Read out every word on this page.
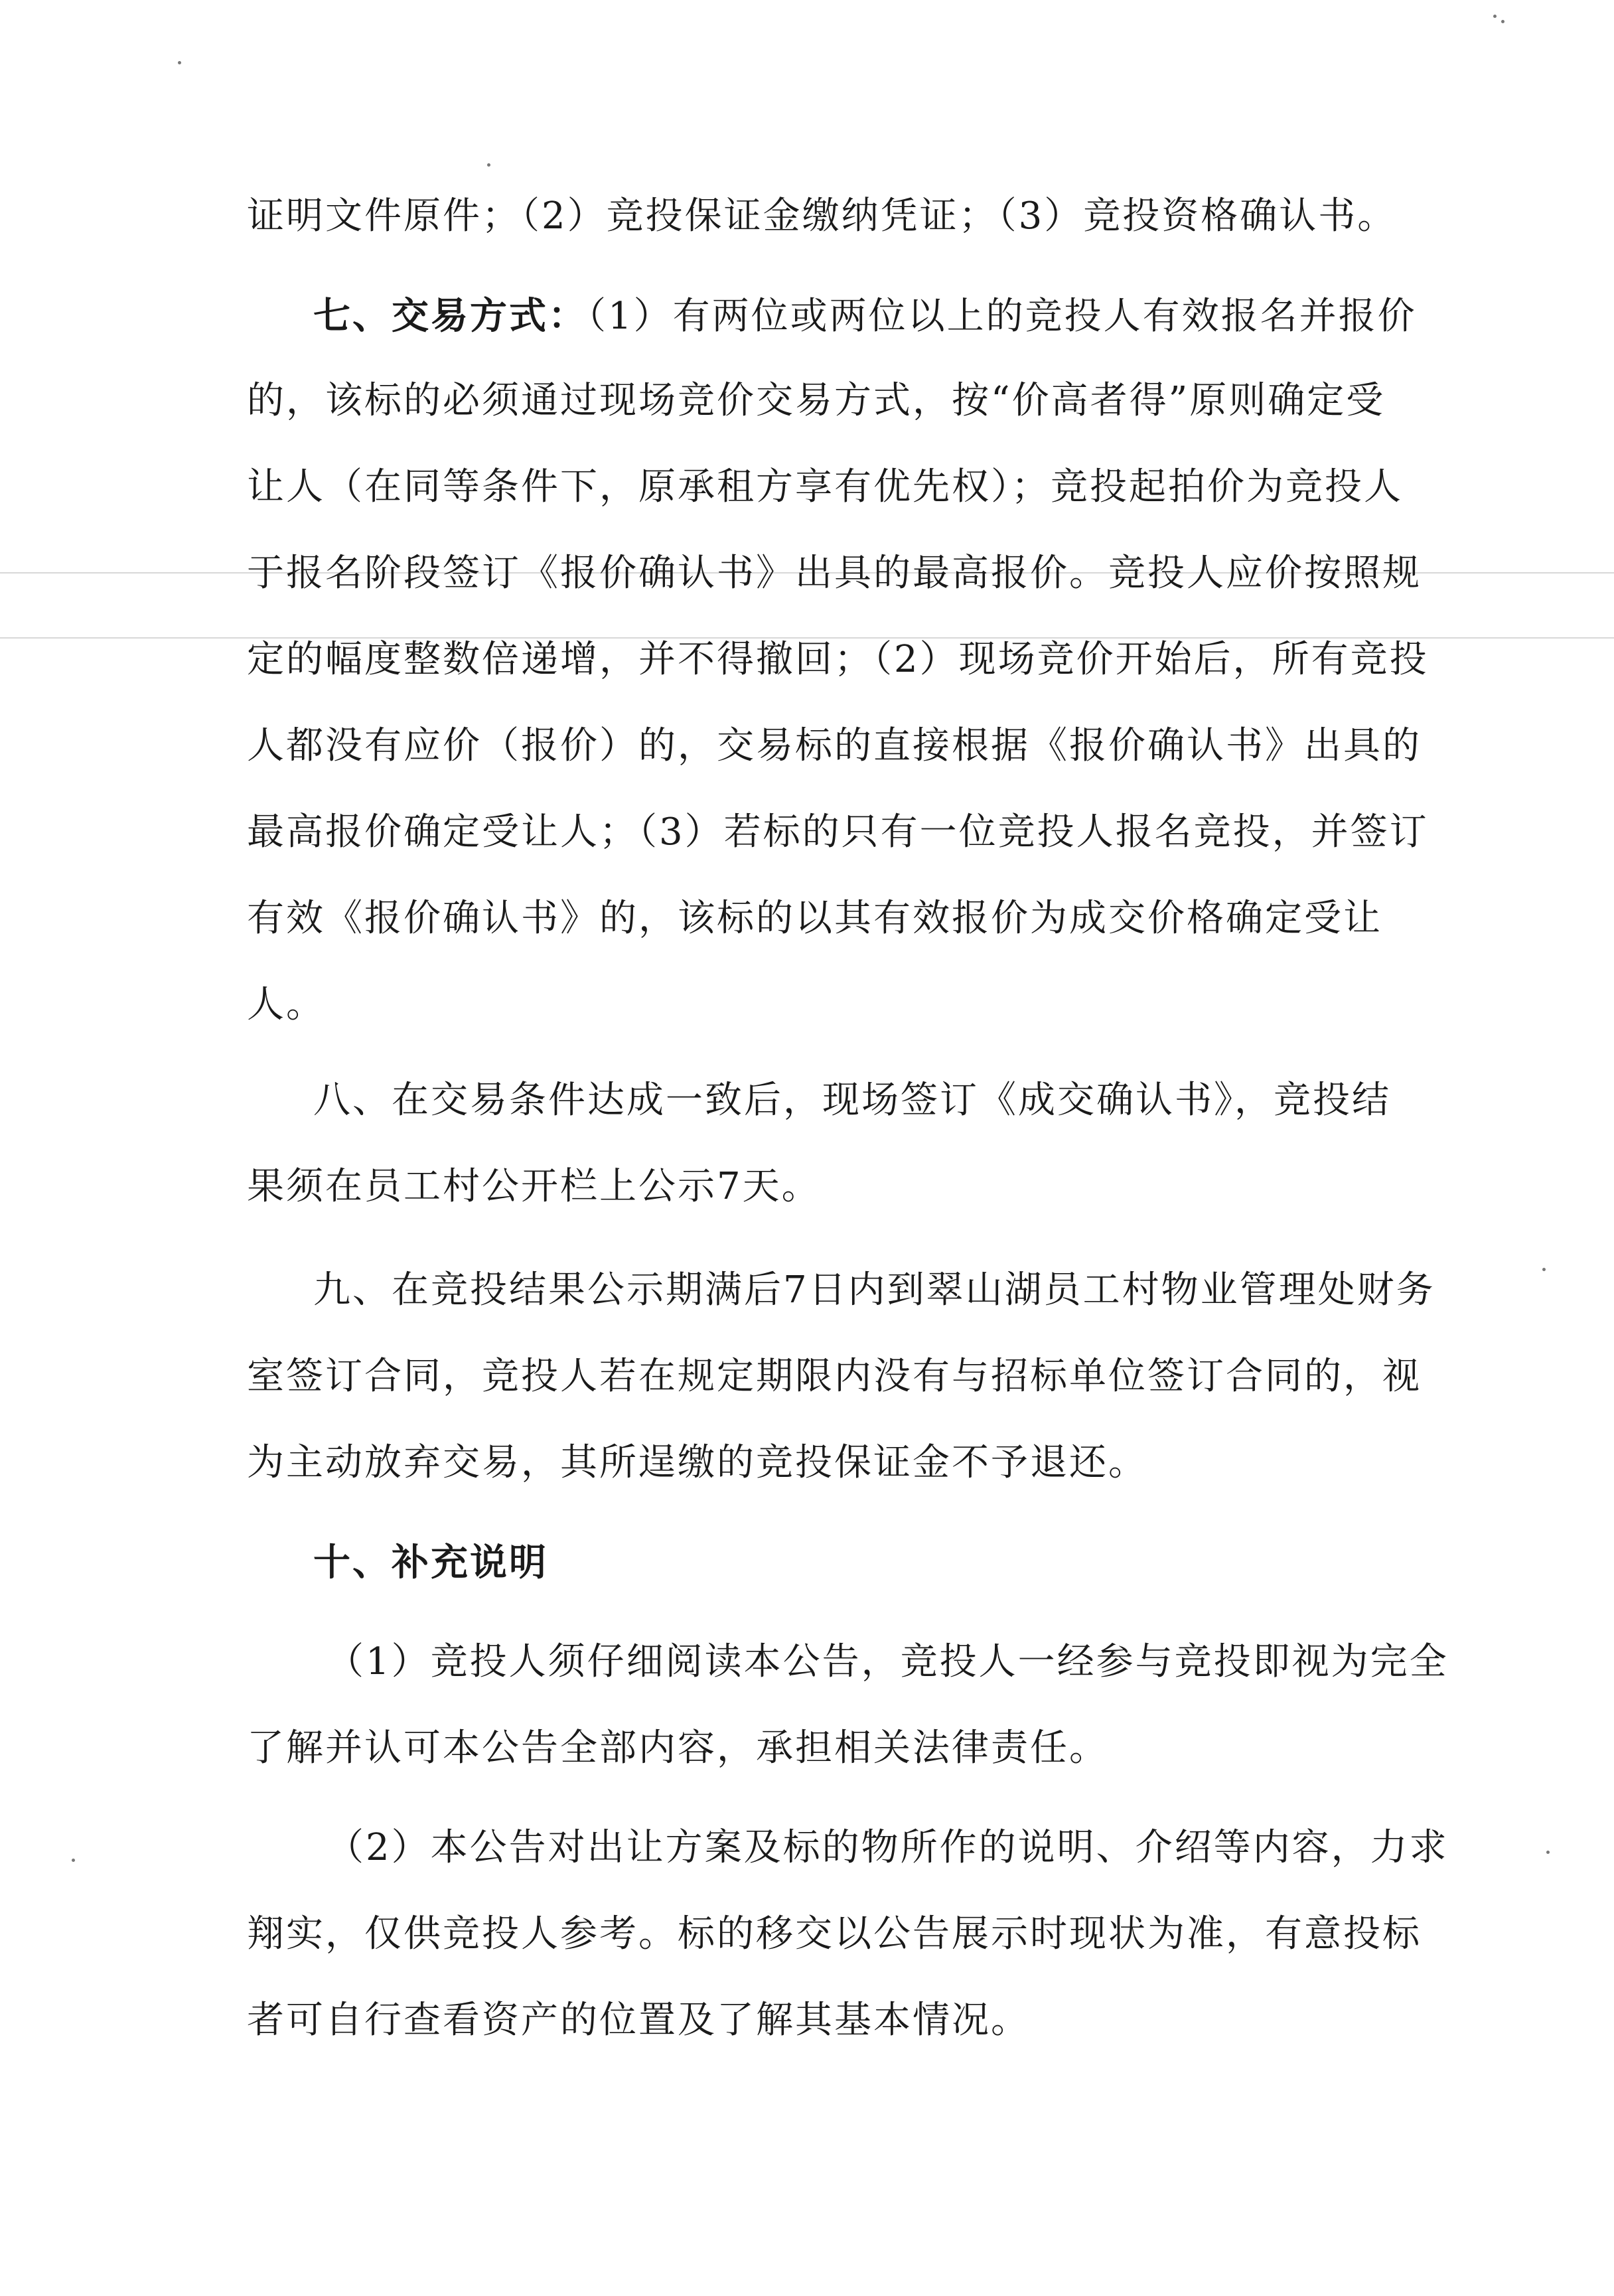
证明文件原件；（2）竞投保证金缴纳凭证；（3）竞投资格确认书。
七、交易方式：（1）有两位或两位以上的竞投人有效报名并报价
的，该标的必须通过现场竞价交易方式，按“价高者得”原则确定受
让人（在同等条件下，原承租方享有优先权）；竞投起拍价为竞投人
于报名阶段签订《报价确认书》出具的最高报价。竞投人应价按照规
定的幅度整数倍递增，并不得撤回；（2）现场竞价开始后，所有竞投
人都没有应价（报价）的，交易标的直接根据《报价确认书》出具的
最高报价确定受让人；（3）若标的只有一位竞投人报名竞投，并签订
有效《报价确认书》的，该标的以其有效报价为成交价格确定受让
人。
八、在交易条件达成一致后，现场签订《成交确认书》，竞投结
果须在员工村公开栏上公示7天。
九、在竞投结果公示期满后7日内到翠山湖员工村物业管理处财务
室签订合同，竞投人若在规定期限内没有与招标单位签订合同的，视
为主动放弃交易，其所逞缴的竞投保证金不予退还。
十、补充说明
（1）竞投人须仔细阅读本公告，竞投人一经参与竞投即视为完全
了解并认可本公告全部内容，承担相关法律责任。
（2）本公告对出让方案及标的物所作的说明、介绍等内容，力求
翔实，仅供竞投人参考。标的移交以公告展示时现状为准，有意投标
者可自行查看资产的位置及了解其基本情况。
